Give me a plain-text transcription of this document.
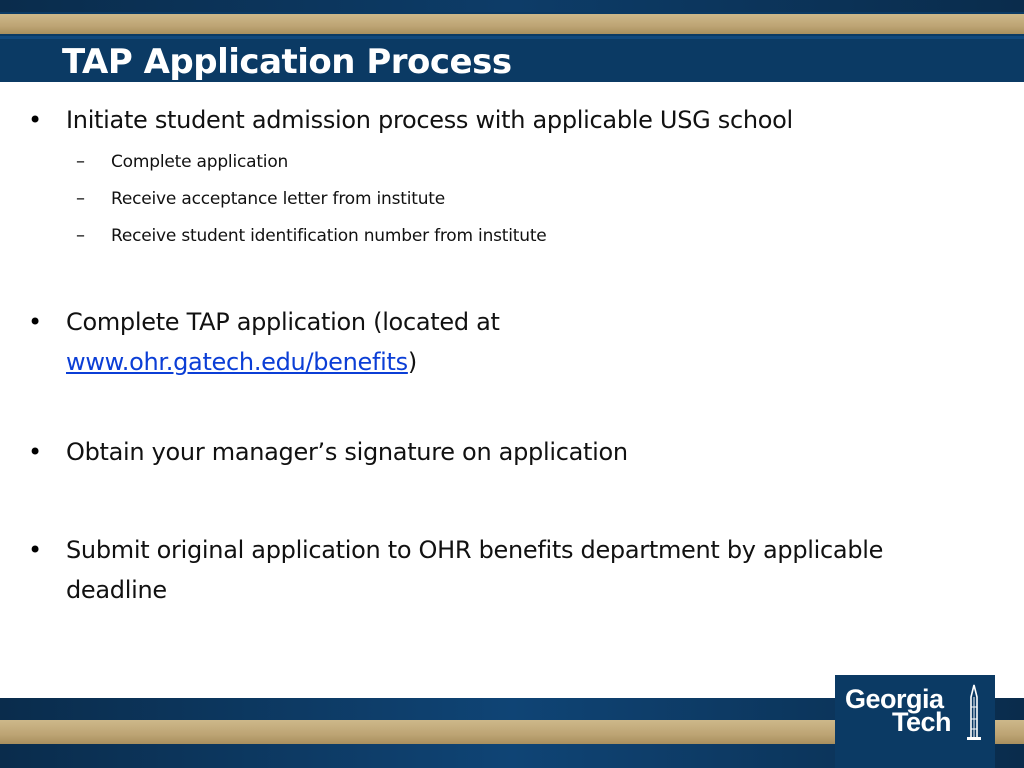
TAP Application Process
• Initiate student admission process with applicable USG school
– Complete application
– Receive acceptance letter from institute
– Receive student identification number from institute
• Complete TAP application (located at
www.ohr.gatech.edu/benefits)
• Obtain your manager’s signature on application
• Submit original application to OHR benefits department by applicable deadline
Georgia
Tech
